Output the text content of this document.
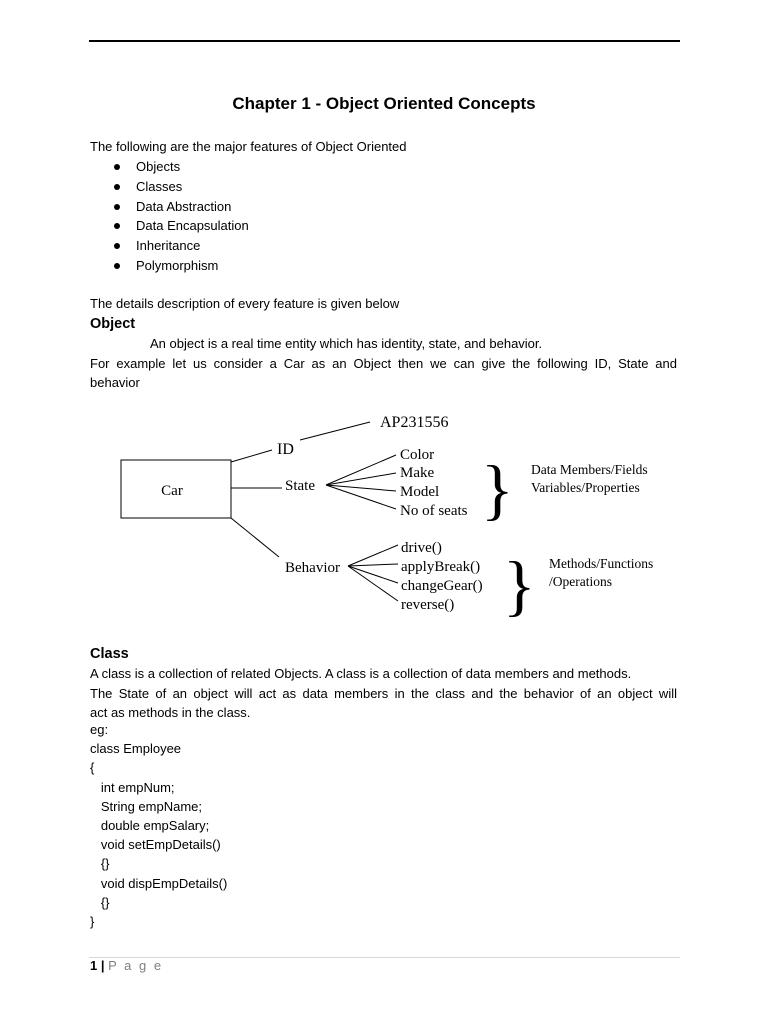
Chapter 1 - Object Oriented Concepts
The following are the major features of Object Oriented
Objects
Classes
Data Abstraction
Data Encapsulation
Inheritance
Polymorphism
The details description of every feature is given below
Object
An object is a real time entity which has identity, state, and behavior.
For example let us consider a Car as an Object then we can give the following ID, State and
behavior
Car
ID
AP231556
State
Color
Make
Model
No of seats } Data Members/Fields
Variables/Properties
Behavior
drive()
applyBreak()
changeGear()
reverse() } Methods/Functions
/Operations
Class
A class is a collection of related Objects. A class is a collection of data members and methods.
The State of an object will act as data members in the class and the behavior of an object will
act as methods in the class.
eg:
class Employee
{
int empNum;
String empName;
double empSalary;
void setEmpDetails()
{}
void dispEmpDetails()
{}
}
1 | P a g e
